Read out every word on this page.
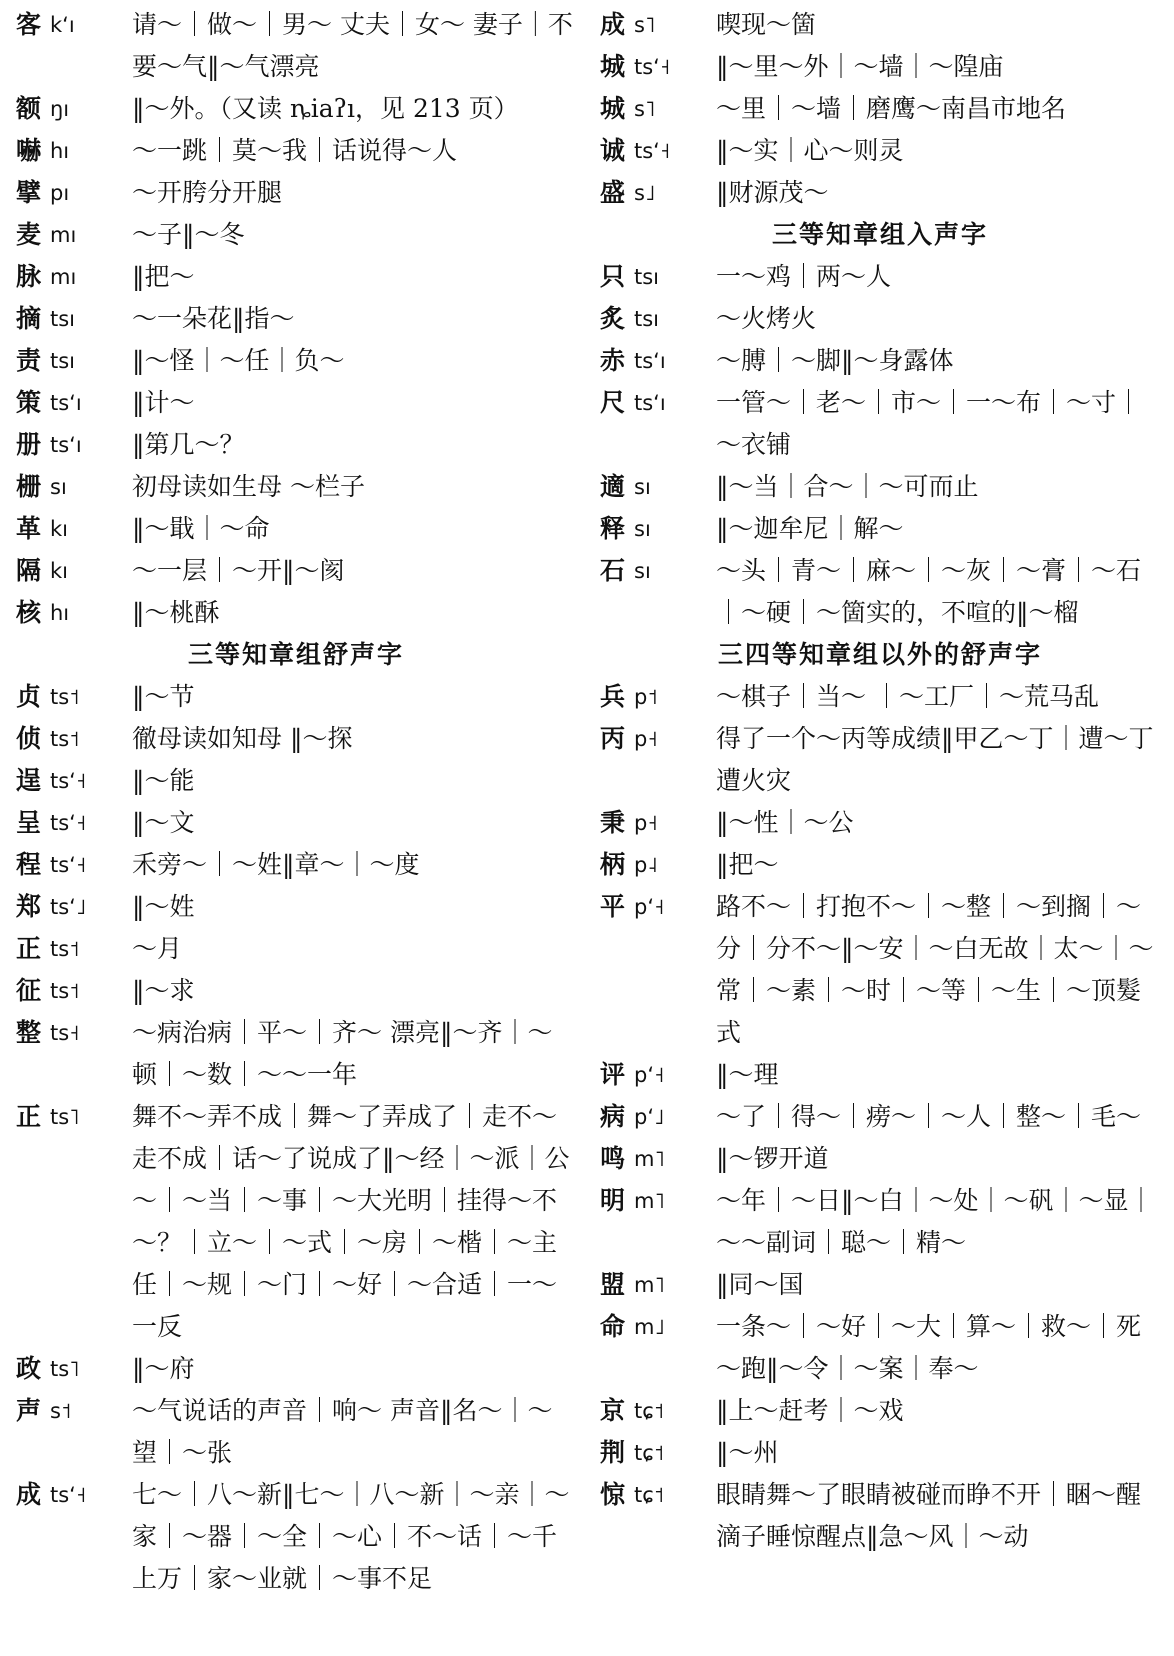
客 k‘ı	请～｜做～｜男～ 丈夫｜女～ 妻子｜不要～气‖～气漂亮
额 ŋı	‖～外。（又读 ȵiaʔı，见 213 页）
嚇 hı	～一跳｜莫～我｜话说得～人
擘 pı	～开胯分开腿
麦 mı	～子‖～冬
脉 mı	‖把～
摘 tsı	～一朵花‖指～
责 tsı	‖～怪｜～任｜负～
策 ts‘ı	‖计～
册 ts‘ı	‖第几～？
栅 sı	初母读如生母 ～栏子
革 kı	‖～戢｜～命
隔 kı	～一层｜～开‖～阂
核 hı	‖～桃酥
三等知章组舒声字
贞 ts˦	‖～节
侦 ts˦	徹母读如知母 ‖～探
逞 ts‘˧	‖～能
呈 ts‘˧	‖～文
程 ts‘˧	禾旁～｜～姓‖章～｜～度
郑 ts‘˩	‖～姓
正 ts˦	～月
征 ts˦	‖～求
整 ts˧	～病治病｜平～｜齐～ 漂亮‖～齐｜～顿｜～数｜～～一年
正 ts˥	舞不～弄不成｜舞～了弄成了｜走不～走不成｜话～了说成了‖～经｜～派｜公～｜～当｜～事｜～大光明｜挂得～不～？｜立～｜～式｜～房｜～楷｜～主任｜～规｜～门｜～好｜～合适｜一～一反
政 ts˥	‖～府
声 s˦	～气说话的声音｜响～ 声音‖名～｜～望｜～张
成 ts‘˧	七～｜八～新‖七～｜八～新｜～亲｜～家｜～器｜～全｜～心｜不～话｜～千上万｜家～业就｜～事不足
成 s˥	喫现～箇
城 ts‘˧	‖～里～外｜～墙｜～隍庙
城 s˥	～里｜～墙｜磨鹰～南昌市地名
诚 ts‘˧	‖～实｜心～则灵
盛 s˩	‖财源茂～
三等知章组入声字
只 tsı	一～鸡｜两～人
炙 tsı	～火烤火
赤 ts‘ı	～膊｜～脚‖～身露体
尺 ts‘ı	一管～｜老～｜市～｜一～布｜～寸｜～衣铺
適 sı	‖～当｜合～｜～可而止
释 sı	‖～迦牟尼｜解～
石 sı	～头｜青～｜麻～｜～灰｜～膏｜～石｜～硬｜～箇实的，不喧的‖～榴
三四等知章组以外的舒声字
兵 p˦	～棋子｜当～ ｜～工厂｜～荒马乱
丙 p˧	得了一个～丙等成绩‖甲乙～丁｜遭～丁遭火灾
秉 p˧	‖～性｜～公
柄 p˨	‖把～
平 p‘˧	路不～｜打抱不～｜～整｜～到搁｜～分｜分不～‖～安｜～白无故｜太～｜～常｜～素｜～时｜～等｜～生｜～顶髮式
评 p‘˧	‖～理
病 p‘˩	～了｜得～｜痨～｜～人｜整～｜毛～
鸣 m˥	‖～锣开道
明 m˥	～年｜～日‖～白｜～处｜～矾｜～显｜～～副词｜聪～｜精～
盟 m˥	‖同～国
命 m˩	一条～｜～好｜～大｜算～｜救～｜死～跑‖～令｜～案｜奉～
京 tɕ˦	‖上～赶考｜～戏
荆 tɕ˦	‖～州
惊 tɕ˦	眼睛舞～了眼睛被碰而睁不开｜睏～醒滴子睡惊醒点‖急～风｜～动
